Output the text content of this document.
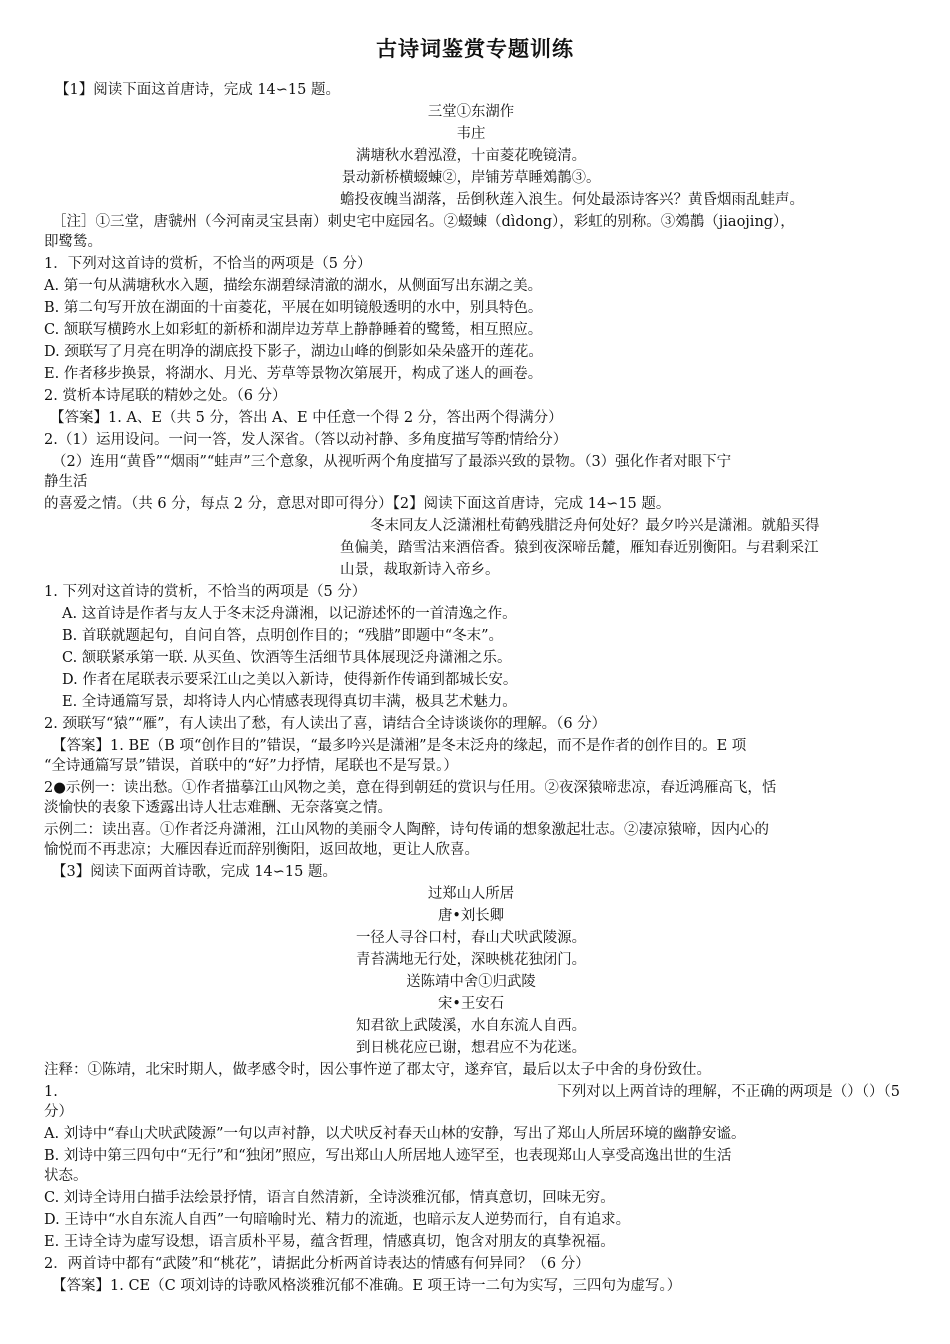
古诗词鉴赏专题训练
【1】阅读下面这首唐诗，完成 14∽15 题。
三堂①东湖作
韦庄
满塘秋水碧泓澄，十亩菱花晚镜清。
景动新桥横蝃蝀②，岸铺芳草睡鵁鶄③。
蟾投夜魄当湖落，岳倒秋莲入浪生。何处最添诗客兴？黄昏烟雨乱蛙声。
［注］①三堂，唐虢州（今河南灵宝县南）刺史宅中庭园名。②蝃蝀（dìdong），彩虹的别称。③鵁鶄（jiaojing），
即鹭鸶。
1．下列对这首诗的赏析，不恰当的两项是（5 分）
A. 第一句从满塘秋水入题，描绘东湖碧绿清澈的湖水，从侧面写出东湖之美。
B. 第二句写开放在湖面的十亩菱花，平展在如明镜般透明的水中，别具特色。
C. 颔联写横跨水上如彩虹的新桥和湖岸边芳草上静静睡着的鹭鸶，相互照应。
D. 颈联写了月亮在明净的湖底投下影子，湖边山峰的倒影如朵朵盛开的莲花。
E. 作者移步换景，将湖水、月光、芳草等景物次第展开，构成了迷人的画卷。
2. 赏析本诗尾联的精妙之处。（6 分）
【答案】1. A、E（共 5 分，答出 A、E 中任意一个得 2 分，答出两个得满分）
2.（1）运用设问。一问一答，发人深省。（答以动衬静、多角度描写等酌情给分）
（2）连用“黄昏”“烟雨”“蛙声”三个意象，从视听两个角度描写了最添兴致的景物。（3）强化作者对眼下宁
静生活
的喜爱之情。（共 6 分，每点 2 分，意思对即可得分）【2】阅读下面这首唐诗，完成 14∽15 题。
冬末同友人泛潇湘杜荀鹤残腊泛舟何处好？最夕吟兴是潇湘。就船买得
鱼偏美，踏雪沽来酒倍香。猿到夜深啼岳麓，雁知春近别衡阳。与君剩采江
山景，裁取新诗入帝乡。
1. 下列对这首诗的赏析，不恰当的两项是（5 分）
A. 这首诗是作者与友人于冬末泛舟潇湘，以记游述怀的一首清逸之作。
B. 首联就题起句，自问自答，点明创作目的；“残腊”即题中“冬末”。
C. 颔联紧承第一联. 从买鱼、饮酒等生活细节具体展现泛舟潇湘之乐。
D. 作者在尾联表示要采江山之美以入新诗，使得新作传诵到都城长安。
E. 全诗通篇写景，却将诗人内心情感表现得真切丰满，极具艺术魅力。
2. 颈联写“猿”“雁”，有人读出了愁，有人读出了喜，请结合全诗谈谈你的理解。（6 分）
【答案】1. BE（B 项“创作目的”错误，“最多吟兴是潇湘”是冬末泛舟的缘起，而不是作者的创作目的。E 项
“全诗通篇写景”错误，首联中的“好”力抒情，尾联也不是写景。）
2●示例一：读出愁。①作者描摹江山风物之美，意在得到朝廷的赏识与任用。②夜深猿啼悲凉，春近鸿雁高飞，恬
淡愉快的表象下透露出诗人壮志难酬、无奈落寞之情。
示例二：读出喜。①作者泛舟潇湘，江山风物的美丽令人陶醉，诗句传诵的想象激起壮志。②凄凉猿啼，因内心的
愉悦而不再悲凉；大雁因春近而辞别衡阳，返回故地，更让人欣喜。
【3】阅读下面两首诗歌，完成 14∽15 题。
过郑山人所居
唐•刘长卿
一径人寻谷口村，春山犬吠武陵源。
青苔满地无行处，深映桃花独闭门。
送陈靖中舍①归武陵
宋•王安石
知君欲上武陵溪，水自东流人自西。
到日桃花应已谢，想君应不为花迷。
注释：①陈靖，北宋时期人，做孝感令时，因公事忤逆了郡太守，遂弃官，最后以太子中舍的身份致仕。
1.	下列对以上两首诗的理解，不正确的两项是（）（）（5
分）
A. 刘诗中“春山犬吠武陵源”一句以声衬静，以犬吠反衬春天山林的安静，写出了郑山人所居环境的幽静安谧。
B. 刘诗中第三四句中“无行”和“独闭”照应，写出郑山人所居地人迹罕至，也表现郑山人享受高逸出世的生活
状态。
C. 刘诗全诗用白描手法绘景抒情，语言自然清新，全诗淡雅沉郁，情真意切，回味无穷。
D. 王诗中“水自东流人自西”一句暗喻时光、精力的流逝，也暗示友人逆势而行，自有追求。
E. 王诗全诗为虚写设想，语言质朴平易，蕴含哲理，情感真切，饱含对朋友的真挚祝福。
2．两首诗中都有“武陵”和“桃花”，请据此分析两首诗表达的情感有何异同？（6 分）
【答案】1. CE（C 项刘诗的诗歌风格淡雅沉郁不准确。E 项王诗一二句为实写，三四句为虚写。）
